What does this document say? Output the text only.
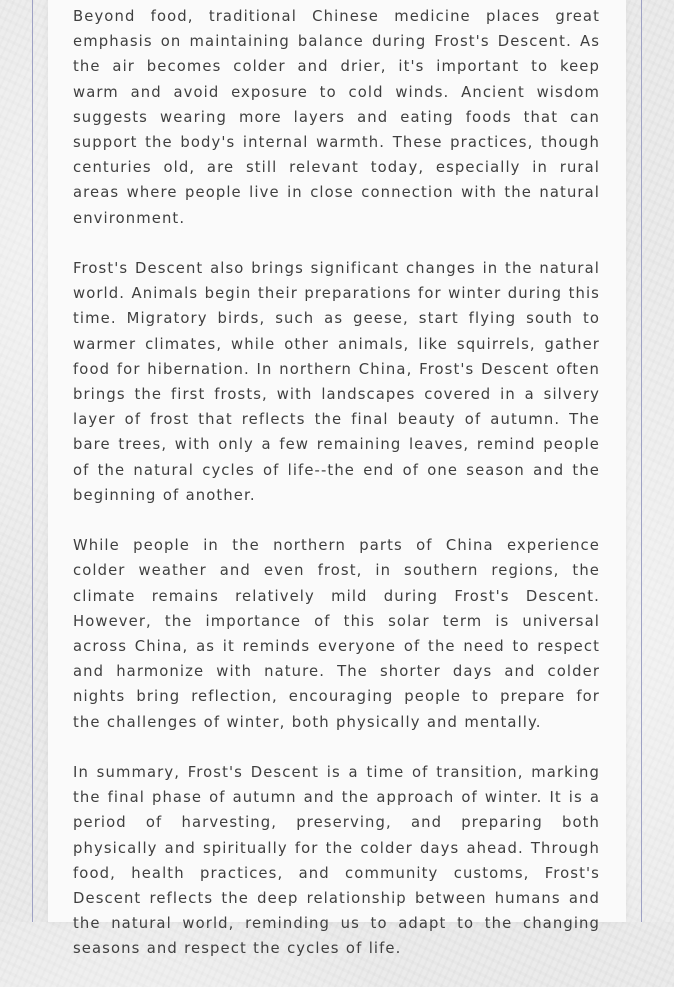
Beyond food, traditional Chinese medicine places great emphasis on maintaining balance during Frost's Descent. As the air becomes colder and drier, it's important to keep warm and avoid exposure to cold winds. Ancient wisdom suggests wearing more layers and eating foods that can support the body's internal warmth. These practices, though centuries old, are still relevant today, especially in rural areas where people live in close connection with the natural environment.

Frost's Descent also brings significant changes in the natural world. Animals begin their preparations for winter during this time. Migratory birds, such as geese, start flying south to warmer climates, while other animals, like squirrels, gather food for hibernation. In northern China, Frost's Descent often brings the first frosts, with landscapes covered in a silvery layer of frost that reflects the final beauty of autumn. The bare trees, with only a few remaining leaves, remind people of the natural cycles of life--the end of one season and the beginning of another.

While people in the northern parts of China experience colder weather and even frost, in southern regions, the climate remains relatively mild during Frost's Descent. However, the importance of this solar term is universal across China, as it reminds everyone of the need to respect and harmonize with nature. The shorter days and colder nights bring reflection, encouraging people to prepare for the challenges of winter, both physically and mentally.

In summary, Frost's Descent is a time of transition, marking the final phase of autumn and the approach of winter. It is a period of harvesting, preserving, and preparing both physically and spiritually for the colder days ahead. Through food, health practices, and community customs, Frost's Descent reflects the deep relationship between humans and the natural world, reminding us to adapt to the changing seasons and respect the cycles of life.
